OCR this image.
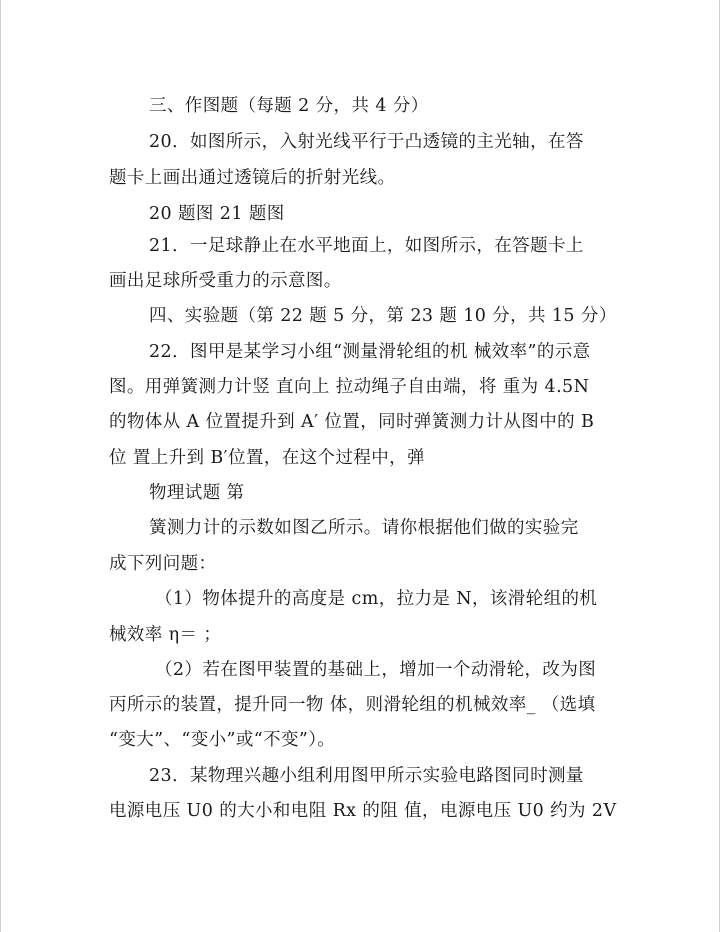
三、作图题（每题 2 分，共 4 分）
20．如图所示，入射光线平行于凸透镜的主光轴，在答
题卡上画出通过透镜后的折射光线。
20 题图 21 题图
21．一足球静止在水平地面上，如图所示，在答题卡上
画出足球所受重力的示意图。
四、实验题（第 22 题 5 分，第 23 题 10 分，共 15 分）
22．图甲是某学习小组“测量滑轮组的机 械效率”的示意
图。用弹簧测力计竖 直向上 拉动绳子自由端，将 重为 4.5N
的物体从 A 位置提升到 A′ 位置，同时弹簧测力计从图中的 B
位 置上升到 B′位置，在这个过程中，弹
物理试题 第
簧测力计的示数如图乙所示。请你根据他们做的实验完
成下列问题：
（1）物体提升的高度是 cm，拉力是 N，该滑轮组的机
械效率 η＝ ；
（2）若在图甲装置的基础上，增加一个动滑轮，改为图
丙所示的装置，提升同一物 体，则滑轮组的机械效率_ （选填
“变大”、“变小”或“不变”）。
23．某物理兴趣小组利用图甲所示实验电路图同时测量
电源电压 U0 的大小和电阻 Rx 的阻 值，电源电压 U0 约为 2V
